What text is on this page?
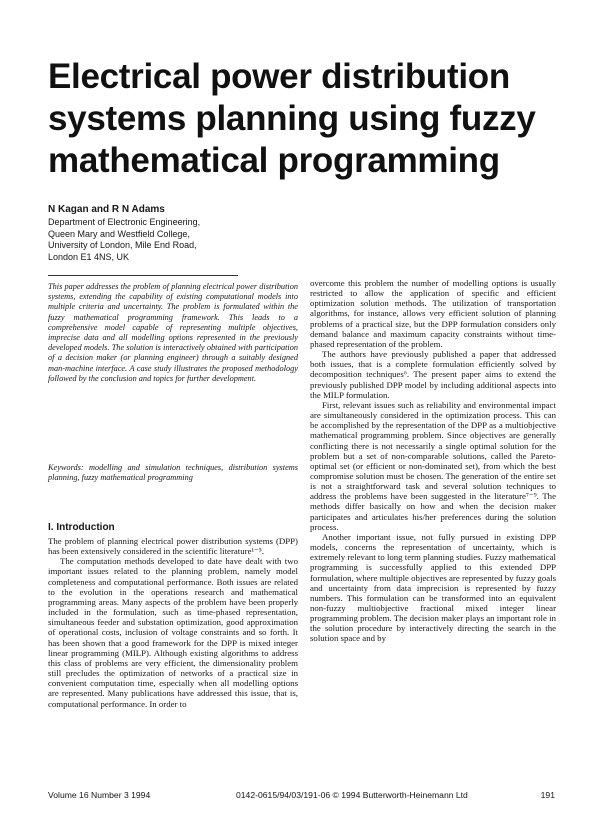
Electrical power distribution
systems planning using fuzzy
mathematical programming
N Kagan and R N Adams
Department of Electronic Engineering,
Queen Mary and Westfield College,
University of London, Mile End Road,
London E1 4NS, UK

This paper addresses the problem of planning electrical power distribution systems, extending the capability of existing computational models into multiple criteria and uncertainty. The problem is formulated within the fuzzy mathematical programming framework. This leads to a comprehensive model capable of representing multiple objectives, imprecise data and all modelling options represented in the previously developed models. The solution is interactively obtained with participation of a decision maker (or planning engineer) through a suitably designed man-machine interface. A case study illustrates the proposed methodology followed by the conclusion and topics for further development.

Keywords: modelling and simulation techniques, distribution systems planning, fuzzy mathematical programming

I. Introduction

The problem of planning electrical power distribution systems (DPP) has been extensively considered in the scientific literature¹⁻⁵.

The computation methods developed to date have dealt with two important issues related to the planning problem, namely model completeness and computational performance. Both issues are related to the evolution in the operations research and mathematical programming areas. Many aspects of the problem have been properly included in the formulation, such as time-phased representation, simultaneous feeder and substation optimization, good approximation of operational costs, inclusion of voltage constraints and so forth. It has been shown that a good framework for the DPP is mixed integer linear programming (MILP). Although existing algorithms to address this class of problems are very efficient, the dimensionality problem still precludes the optimization of networks of a practical size in convenient computation time, especially when all modelling options are represented. Many publications have addressed this issue, that is, computational performance. In order to

overcome this problem the number of modelling options is usually restricted to allow the application of specific and efficient optimization solution methods. The utilization of transportation algorithms, for instance, allows very efficient solution of planning problems of a practical size, but the DPP formulation considers only demand balance and maximum capacity constraints without time-phased representation of the problem.

The authors have previously published a paper that addressed both issues, that is a complete formulation efficiently solved by decomposition techniques⁶. The present paper aims to extend the previously published DPP model by including additional aspects into the MILP formulation.

First, relevant issues such as reliability and environmental impact are simultaneously considered in the optimization process. This can be accomplished by the representation of the DPP as a multiobjective mathematical programming problem. Since objectives are generally conflicting there is not necessarily a single optimal solution for the problem but a set of non-comparable solutions, called the Pareto-optimal set (or efficient or non-dominated set), from which the best compromise solution must be chosen. The generation of the entire set is not a straightforward task and several solution techniques to address the problems have been suggested in the literature⁷⁻⁹. The methods differ basically on how and when the decision maker participates and articulates his/her preferences during the solution process.

Another important issue, not fully pursued in existing DPP models, concerns the representation of uncertainty, which is extremely relevant to long term planning studies. Fuzzy mathematical programming is successfully applied to this extended DPP formulation, where multiple objectives are represented by fuzzy goals and uncertainty from data imprecision is represented by fuzzy numbers. This formulation can be transformed into an equivalent non-fuzzy multiobjective fractional mixed integer linear programming problem. The decision maker plays an important role in the solution procedure by interactively directing the search in the solution space and by

Volume 16 Number 3 1994	0142-0615/94/03/191-06 © 1994 Butterworth-Heinemann Ltd	191
